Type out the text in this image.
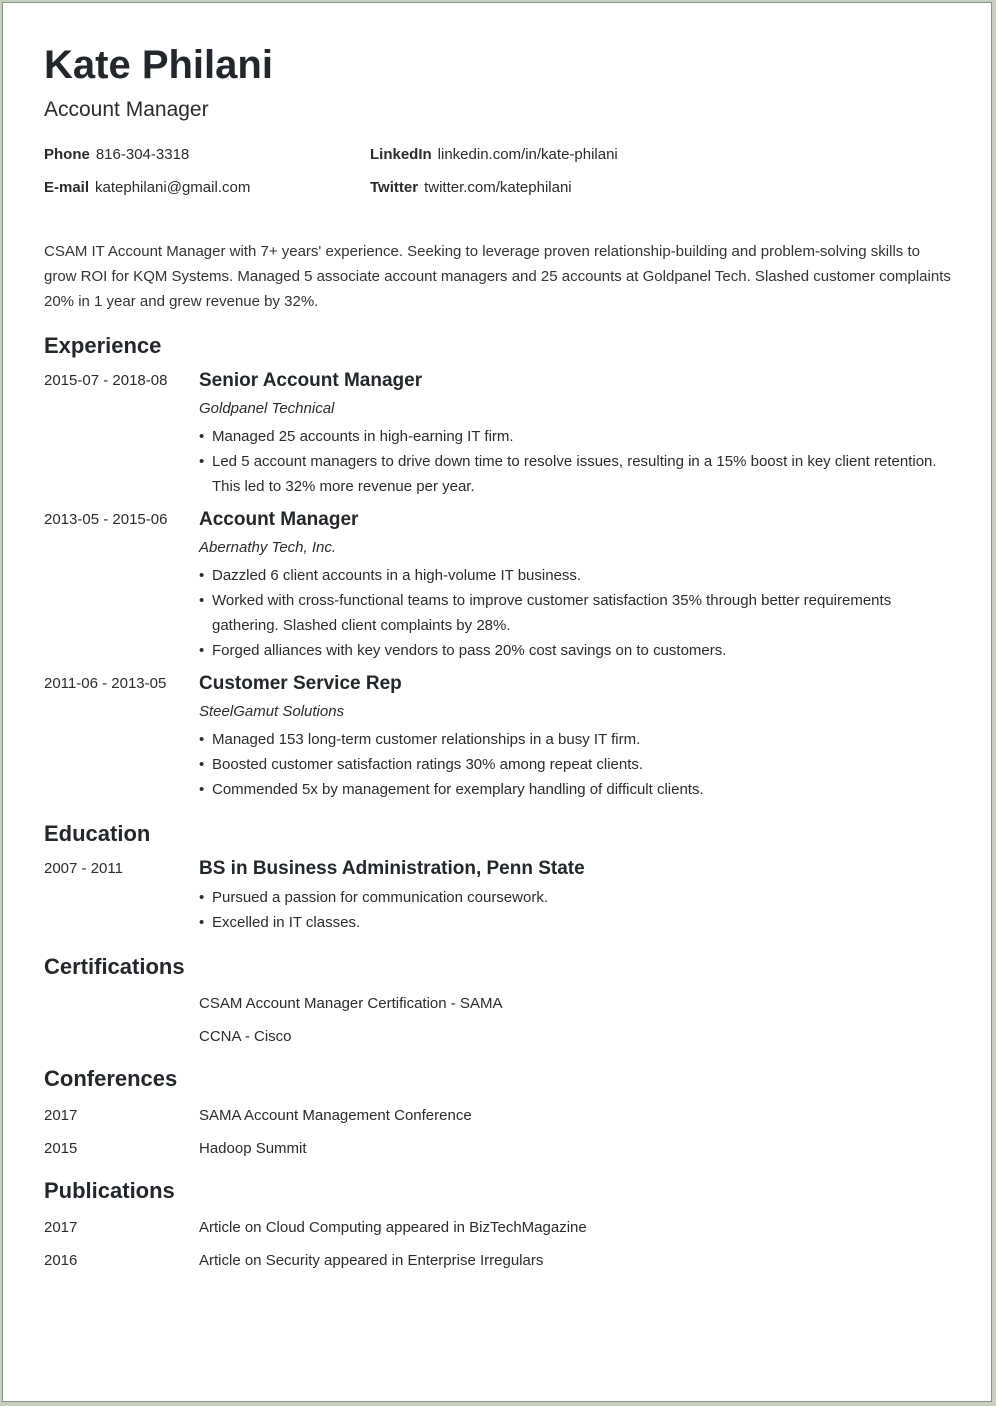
Kate Philani
Account Manager
Phone 816-304-3318	LinkedIn linkedin.com/in/kate-philani
E-mail katephilani@gmail.com	Twitter twitter.com/katephilani
CSAM IT Account Manager with 7+ years' experience. Seeking to leverage proven relationship-building and problem-solving skills to grow ROI for KQM Systems. Managed 5 associate account managers and 25 accounts at Goldpanel Tech. Slashed customer complaints 20% in 1 year and grew revenue by 32%.
Experience
2015-07 - 2018-08	Senior Account Manager
Goldpanel Technical
• Managed 25 accounts in high-earning IT firm.
• Led 5 account managers to drive down time to resolve issues, resulting in a 15% boost in key client retention. This led to 32% more revenue per year.
2013-05 - 2015-06	Account Manager
Abernathy Tech, Inc.
• Dazzled 6 client accounts in a high-volume IT business.
• Worked with cross-functional teams to improve customer satisfaction 35% through better requirements gathering. Slashed client complaints by 28%.
• Forged alliances with key vendors to pass 20% cost savings on to customers.
2011-06 - 2013-05	Customer Service Rep
SteelGamut Solutions
• Managed 153 long-term customer relationships in a busy IT firm.
• Boosted customer satisfaction ratings 30% among repeat clients.
• Commended 5x by management for exemplary handling of difficult clients.
Education
2007 - 2011	BS in Business Administration, Penn State
• Pursued a passion for communication coursework.
• Excelled in IT classes.
Certifications
CSAM Account Manager Certification - SAMA
CCNA - Cisco
Conferences
2017	SAMA Account Management Conference
2015	Hadoop Summit
Publications
2017	Article on Cloud Computing appeared in BizTechMagazine
2016	Article on Security appeared in Enterprise Irregulars
